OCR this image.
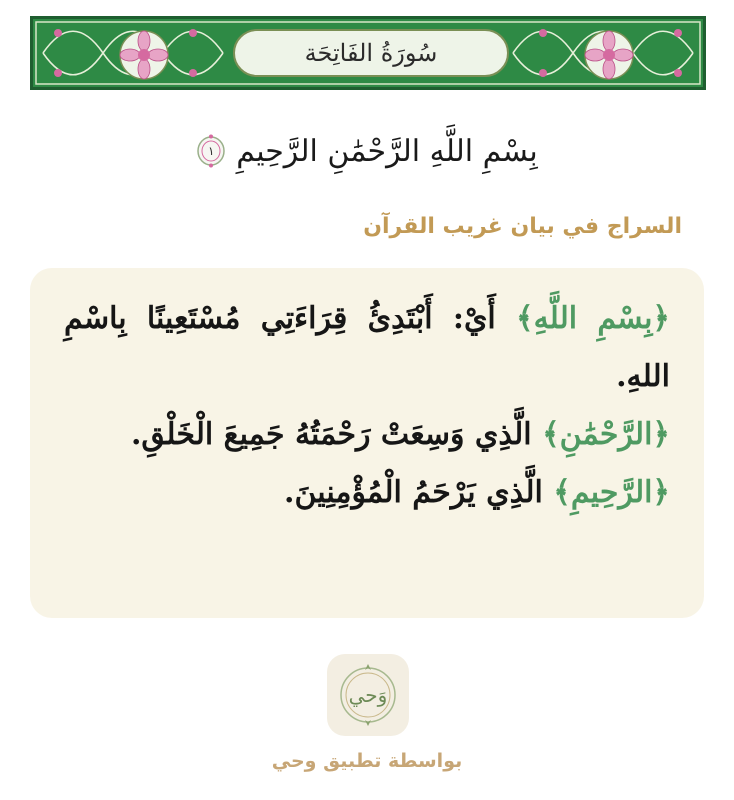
سُورَةُ الفَاتِحَة
بِسْمِ اللَّهِ الرَّحْمَٰنِ الرَّحِيمِ
١
السراج في بيان غريب القرآن
﴿بِسْمِ اللَّهِ﴾ أَيْ: أَبْتَدِئُ قِرَاءَتِي مُسْتَعِينًا بِاسْمِ اللهِ.
﴿الرَّحْمَٰنِ﴾ الَّذِي وَسِعَتْ رَحْمَتُهُ جَمِيعَ الْخَلْقِ.
﴿الرَّحِيمِ﴾ الَّذِي يَرْحَمُ الْمُؤْمِنِينَ.
وَحي
بواسطة تطبيق وحي
